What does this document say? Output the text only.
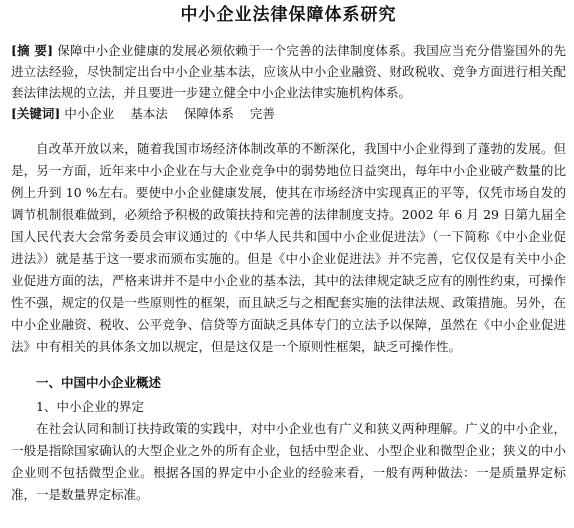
中小企业法律保障体系研究

[摘 要] 保障中小企业健康的发展必须依赖于一个完善的法律制度体系。我国应当充分借鉴国外的先进立法经验，尽快制定出台中小企业基本法，应该从中小企业融资、财政税收、竞争方面进行相关配套法律法规的立法，并且要进一步建立健全中小企业法律实施机构体系。

[关键词] 中小企业 基本法 保障体系 完善

自改革开放以来，随着我国市场经济体制改革的不断深化，我国中小企业得到了蓬勃的发展。但是，另一方面，近年来中小企业在与大企业竞争中的弱势地位日益突出，每年中小企业破产数量的比例上升到 10 %左右。要使中小企业健康发展，使其在市场经济中实现真正的平等，仅凭市场自发的调节机制很难做到，必须给予积极的政策扶持和完善的法律制度支持。2002 年 6 月 29 日第九届全国人民代表大会常务委员会审议通过的《中华人民共和国中小企业促进法》（一下简称《中小企业促进法》）就是基于这一要求而颁布实施的。但是《中小企业促进法》并不完善，它仅仅是有关中小企业促进方面的法，严格来讲并不是中小企业的基本法，其中的法律规定缺乏应有的刚性约束，可操作性不强，规定的仅是一些原则性的框架，而且缺乏与之相配套实施的法律法规、政策措施。另外，在中小企业融资、税收、公平竞争、信贷等方面缺乏具体专门的立法予以保障，虽然在《中小企业促进法》中有相关的具体条文加以规定，但是这仅是一个原则性框架，缺乏可操作性。

一、中国中小企业概述
1、中小企业的界定

在社会认同和制订扶持政策的实践中，对中小企业也有广义和狭义两种理解。广义的中小企业，一般是指除国家确认的大型企业之外的所有企业，包括中型企业、小型企业和微型企业；狭义的中小企业则不包括微型企业。根据各国的界定中小企业的经验来看，一般有两种做法：一是质量界定标准，一是数量界定标准。
